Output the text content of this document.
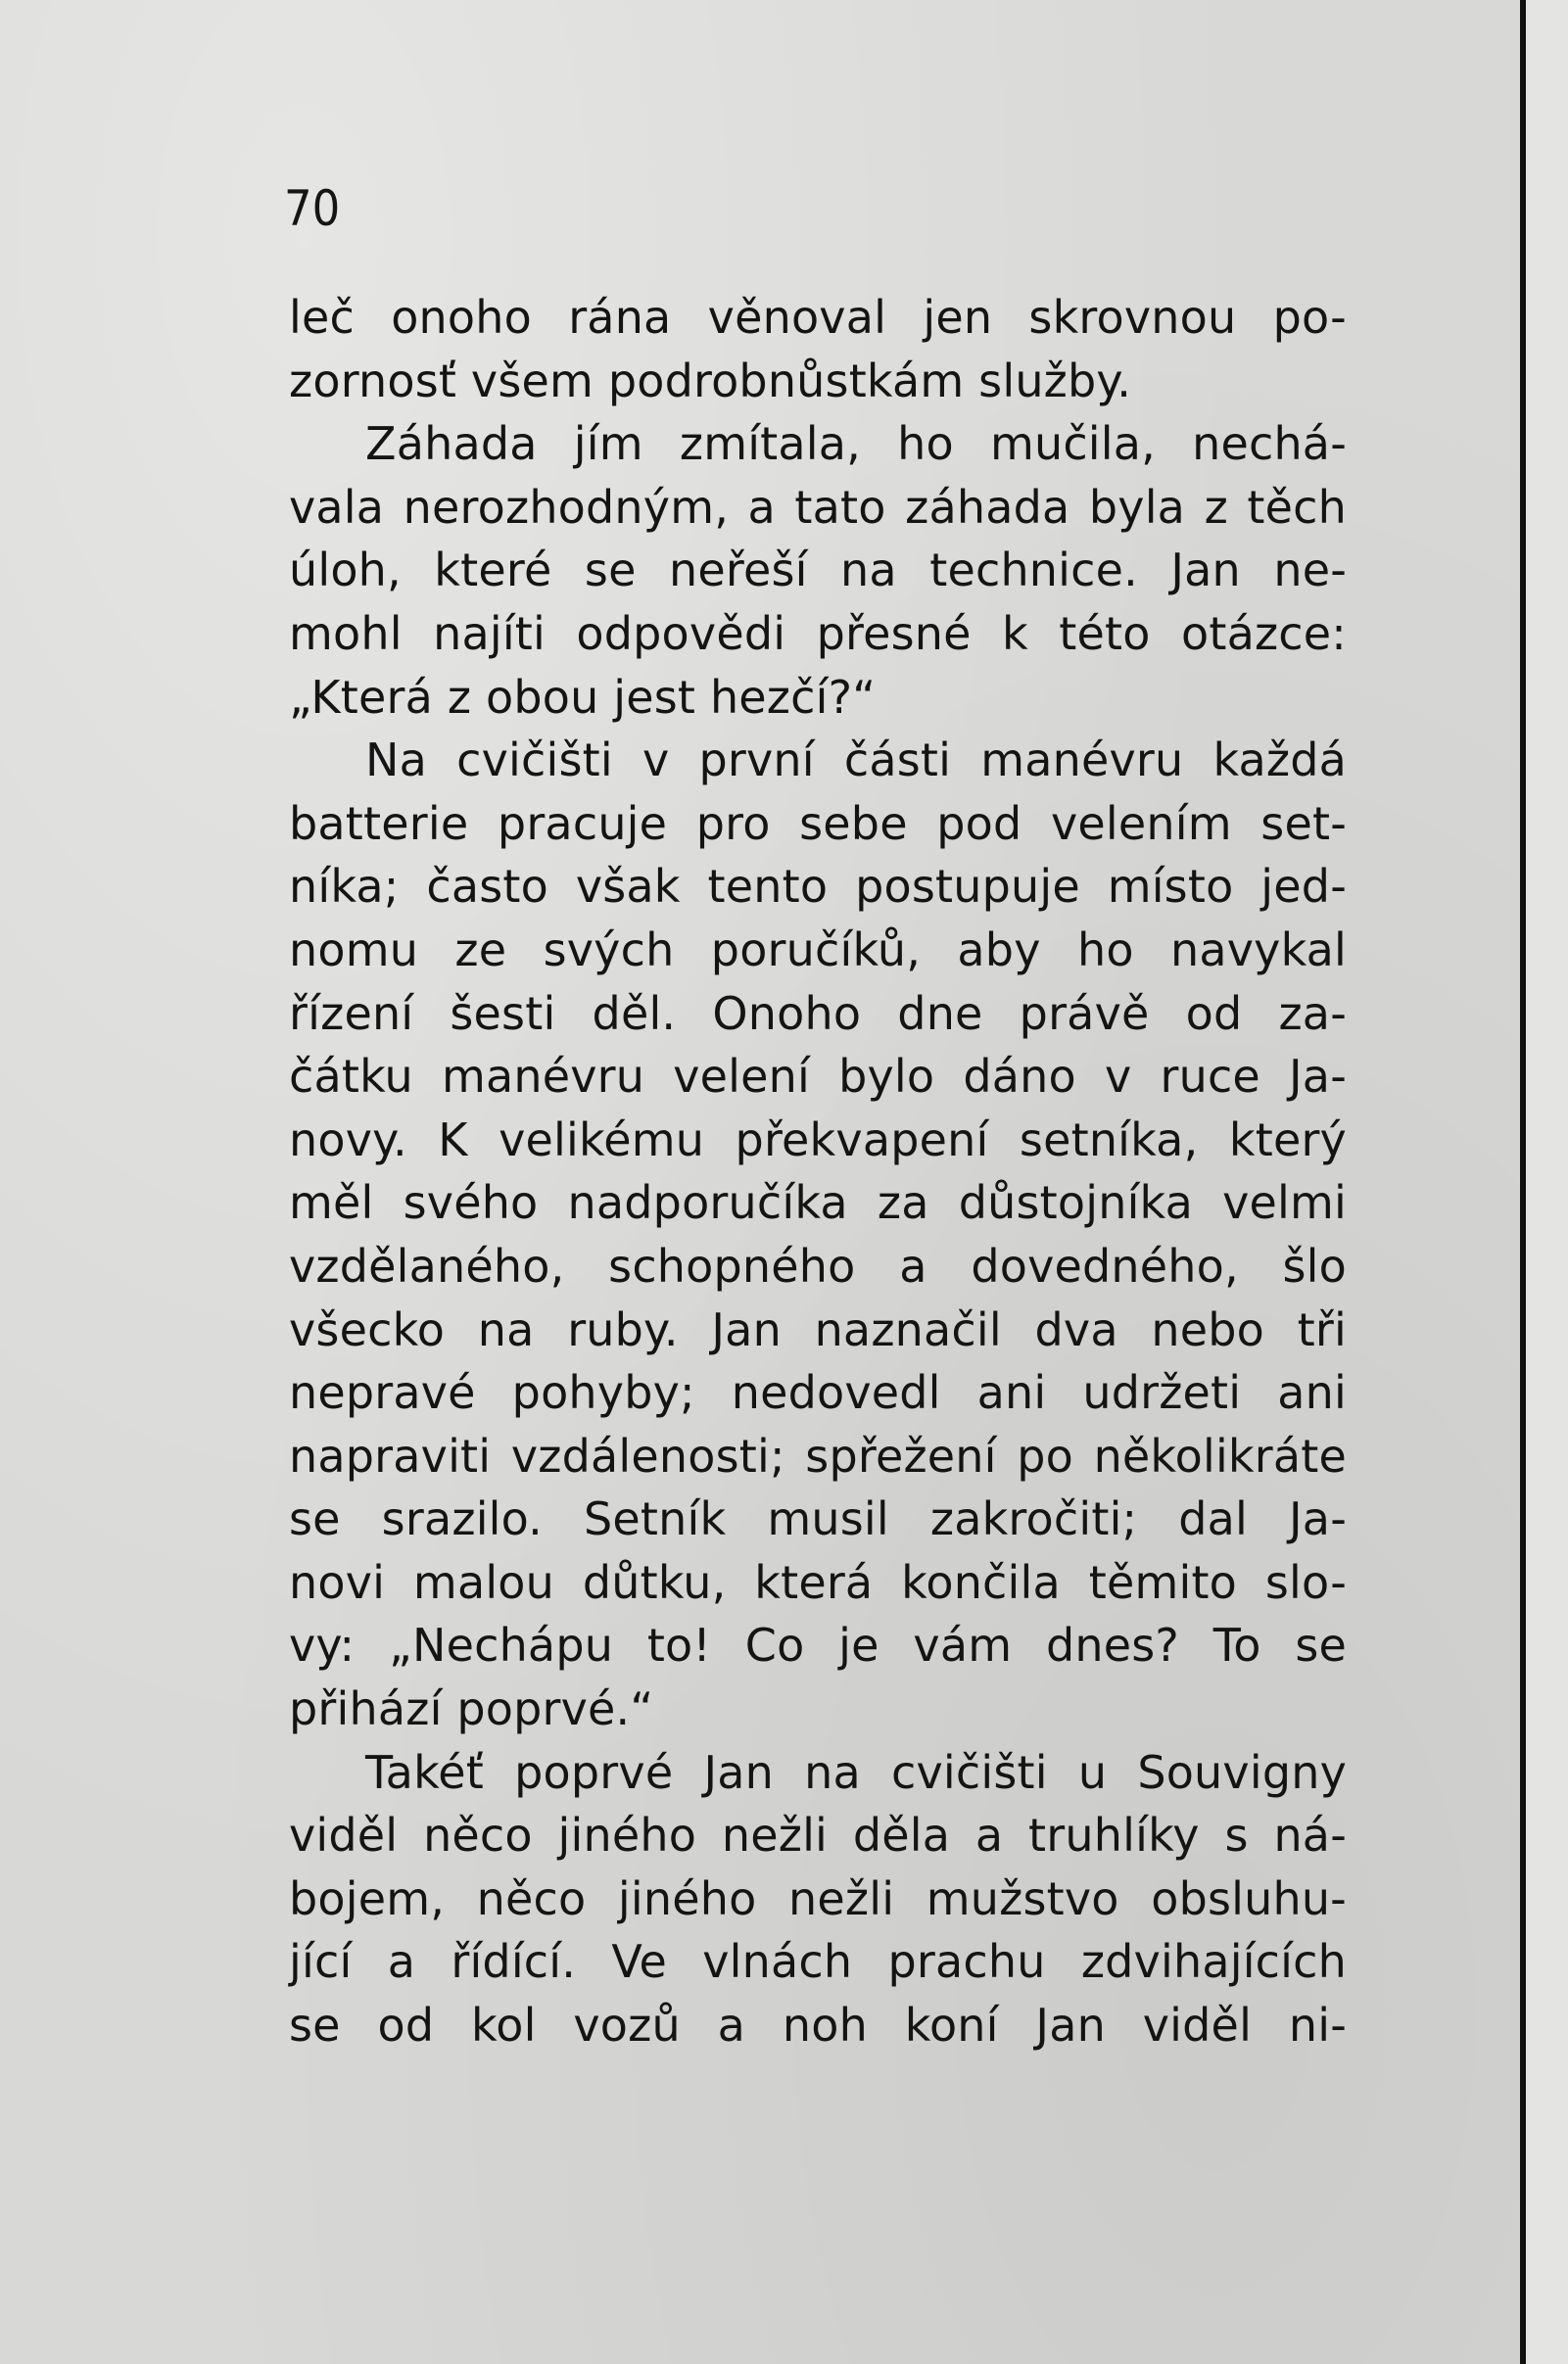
70
leč onoho rána věnoval jen skrovnou po-
zornosť všem podrobnůstkám služby.
Záhada jím zmítala, ho mučila, nechá-
vala nerozhodným, a tato záhada byla z těch
úloh, které se neřeší na technice. Jan ne-
mohl najíti odpovědi přesné k této otázce:
„Která z obou jest hezčí?“
Na cvičišti v první části manévru každá
batterie pracuje pro sebe pod velením set-
níka; často však tento postupuje místo jed-
nomu ze svých poručíků, aby ho navykal
řízení šesti děl. Onoho dne právě od za-
čátku manévru velení bylo dáno v ruce Ja-
novy. K velikému překvapení setníka, který
měl svého nadporučíka za důstojníka velmi
vzdělaného, schopného a dovedného, šlo
všecko na ruby. Jan naznačil dva nebo tři
nepravé pohyby; nedovedl ani udržeti ani
napraviti vzdálenosti; spřežení po několikráte
se srazilo. Setník musil zakročiti; dal Ja-
novi malou důtku, která končila těmito slo-
vy: „Nechápu to! Co je vám dnes? To se
přihází poprvé.“
Takéť poprvé Jan na cvičišti u Souvigny
viděl něco jiného nežli děla a truhlíky s ná-
bojem, něco jiného nežli mužstvo obsluhu-
jící a řídící. Ve vlnách prachu zdvihajících
se od kol vozů a noh koní Jan viděl ni-
